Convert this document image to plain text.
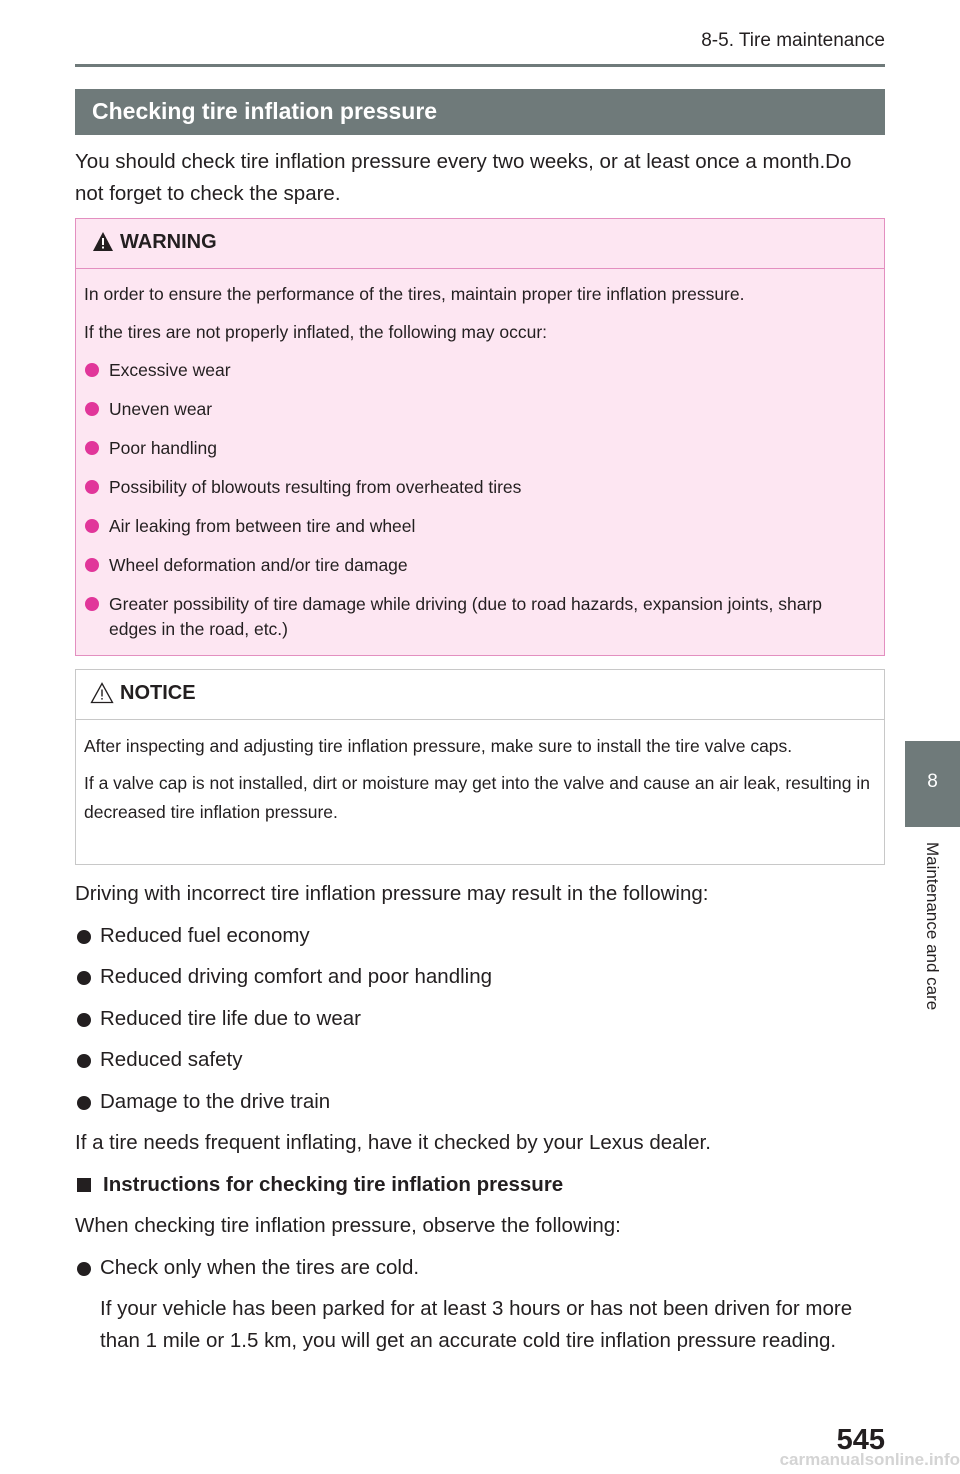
8-5. Tire maintenance
Checking tire inflation pressure

You should check tire inflation pressure every two weeks, or at least once a month.Do not forget to check the spare.

WARNING

In order to ensure the performance of the tires, maintain proper tire inflation pressure.

If the tires are not properly inflated, the following may occur:

Excessive wear
Uneven wear
Poor handling
Possibility of blowouts resulting from overheated tires
Air leaking from between tire and wheel
Wheel deformation and/or tire damage
Greater possibility of tire damage while driving (due to road hazards, expansion joints, sharp edges in the road, etc.)
NOTICE

After inspecting and adjusting tire inflation pressure, make sure to install the tire valve caps.

If a valve cap is not installed, dirt or moisture may get into the valve and cause an air leak, resulting in decreased tire inflation pressure.

Driving with incorrect tire inflation pressure may result in the following:

Reduced fuel economy
Reduced driving comfort and poor handling
Reduced tire life due to wear
Reduced safety
Damage to the drive train

If a tire needs frequent inflating, have it checked by your Lexus dealer.

Instructions for checking tire inflation pressure

When checking tire inflation pressure, observe the following:

Check only when the tires are cold.

If your vehicle has been parked for at least 3 hours or has not been driven for more than 1 mile or 1.5 km, you will get an accurate cold tire inflation pressure reading.

8
Maintenance and care
545
carmanualsonline.info
